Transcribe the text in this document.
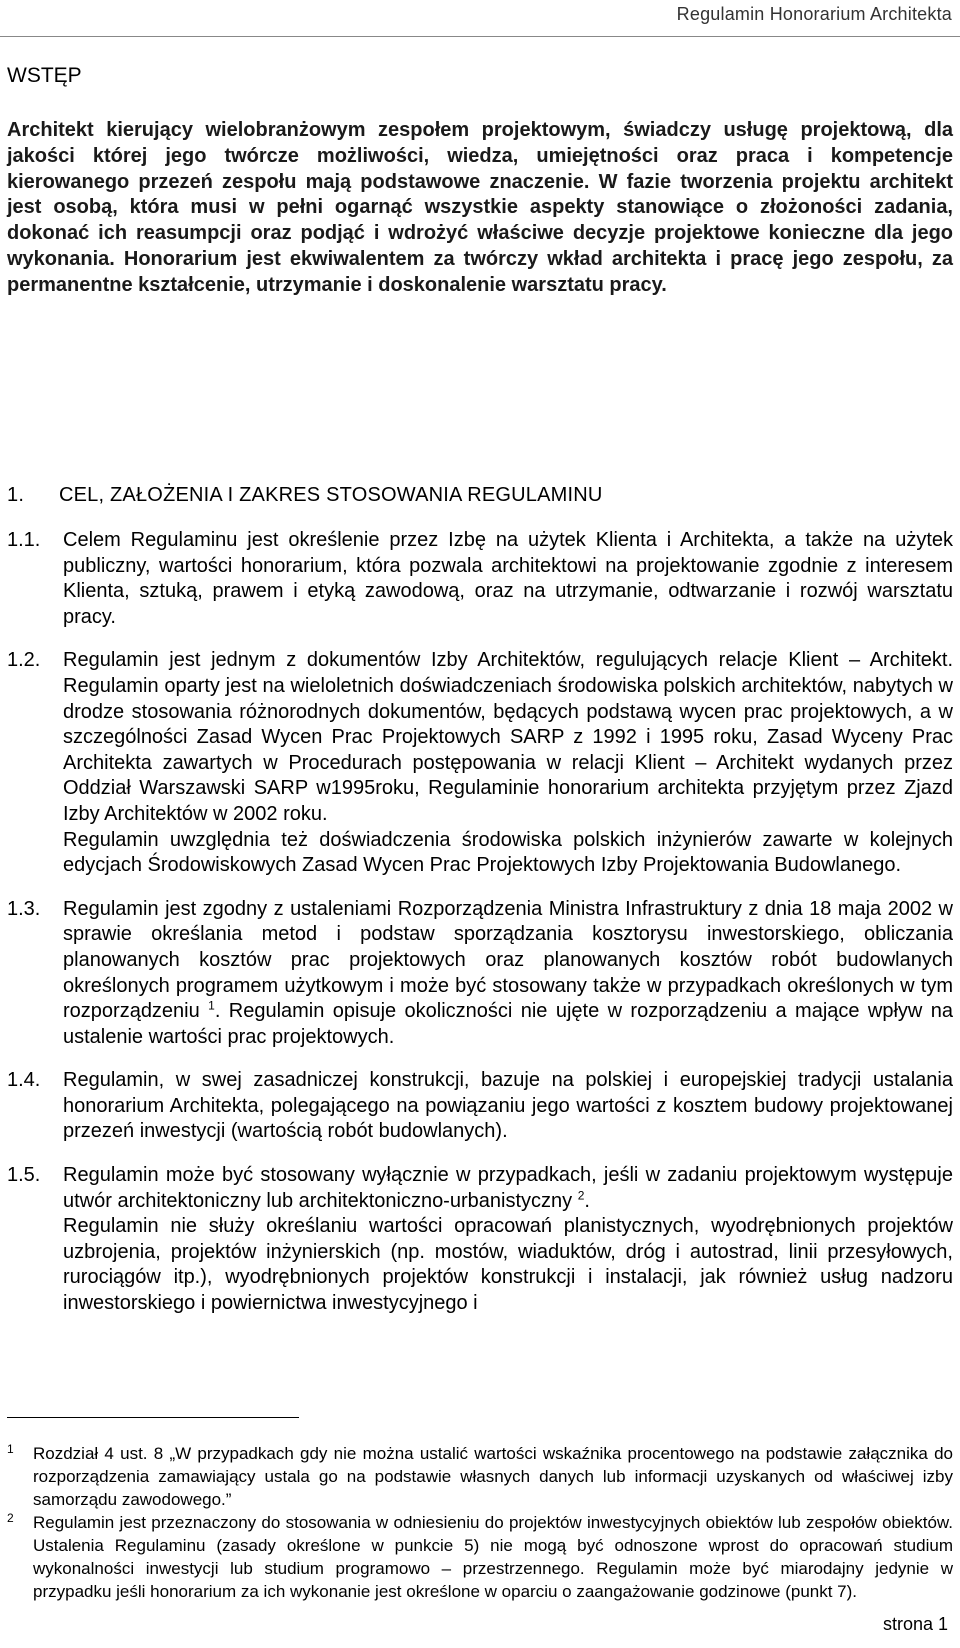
Regulamin Honorarium Architekta
WSTĘP
Architekt kierujący wielobranżowym zespołem projektowym, świadczy usługę projektową, dla jakości której jego twórcze możliwości, wiedza, umiejętności oraz praca i kompetencje kierowanego przezeń zespołu mają podstawowe znaczenie. W fazie tworzenia projektu architekt jest osobą, która musi w pełni ogarnąć wszystkie aspekty stanowiące o złożoności zadania, dokonać ich reasumpcji oraz podjąć i wdrożyć właściwe decyzje projektowe konieczne dla jego wykonania. Honorarium jest ekwiwalentem za twórczy wkład architekta i pracę jego zespołu, za permanentne kształcenie, utrzymanie i doskonalenie warsztatu pracy.
1. CEL, ZAŁOŻENIA I ZAKRES STOSOWANIA REGULAMINU
1.1.	Celem Regulaminu jest określenie przez Izbę na użytek Klienta i Architekta, a także na użytek publiczny, wartości honorarium, która pozwala architektowi na projektowanie zgodnie z interesem Klienta, sztuką, prawem i etyką zawodową, oraz na utrzymanie, odtwarzanie i rozwój warsztatu pracy.

1.2.	Regulamin jest jednym z dokumentów Izby Architektów, regulujących relacje Klient – Architekt. Regulamin oparty jest na wieloletnich doświadczeniach środowiska polskich architektów, nabytych w drodze stosowania różnorodnych dokumentów, będących podstawą wycen prac projektowych, a w szczególności Zasad Wycen Prac Projektowych SARP z 1992 i 1995 roku, Zasad Wyceny Prac Architekta zawartych w Procedurach postępowania w relacji Klient – Architekt wydanych przez Oddział Warszawski SARP w1995roku, Regulaminie honorarium architekta przyjętym przez Zjazd Izby Architektów w 2002 roku.

Regulamin uwzględnia też doświadczenia środowiska polskich inżynierów zawarte w kolejnych edycjach Środowiskowych Zasad Wycen Prac Projektowych Izby Projektowania Budowlanego.

1.3.	Regulamin jest zgodny z ustaleniami Rozporządzenia Ministra Infrastruktury z dnia 18 maja 2002 w sprawie określania metod i podstaw sporządzania kosztorysu inwestorskiego, obliczania planowanych kosztów prac projektowych oraz planowanych kosztów robót budowlanych określonych programem użytkowym i może być stosowany także w przypadkach określonych w tym rozporządzeniu $^1$. Regulamin opisuje okoliczności nie ujęte w rozporządzeniu a mające wpływ na ustalenie wartości prac projektowych.

1.4.	Regulamin, w swej zasadniczej konstrukcji, bazuje na polskiej i europejskiej tradycji ustalania honorarium Architekta, polegającego na powiązaniu jego wartości z kosztem budowy projektowanej przezeń inwestycji (wartością robót budowlanych).

1.5.	Regulamin może być stosowany wyłącznie w przypadkach, jeśli w zadaniu projektowym występuje utwór architektoniczny lub architektoniczno-urbanistyczny $^2$.

Regulamin nie służy określaniu wartości opracowań planistycznych, wyodrębnionych projektów uzbrojenia, projektów inżynierskich (np. mostów, wiaduktów, dróg i autostrad, linii przesyłowych, rurociągów itp.), wyodrębnionych projektów konstrukcji i instalacji, jak również usług nadzoru inwestorskiego i powiernictwa inwestycyjnego i

1	Rozdział 4 ust. 8 „W przypadkach gdy nie można ustalić wartości wskaźnika procentowego na podstawie załącznika do rozporządzenia zamawiający ustala go na podstawie własnych danych lub informacji uzyskanych od właściwej izby samorządu zawodowego.”
2	Regulamin jest przeznaczony do stosowania w odniesieniu do projektów inwestycyjnych obiektów lub zespołów obiektów. Ustalenia Regulaminu (zasady określone w punkcie 5) nie mogą być odnoszone wprost do opracowań studium wykonalności inwestycji lub studium programowo – przestrzennego. Regulamin może być miarodajny jedynie w przypadku jeśli honorarium za ich wykonanie jest określone w oparciu o zaangażowanie godzinowe (punkt 7).
strona 1
